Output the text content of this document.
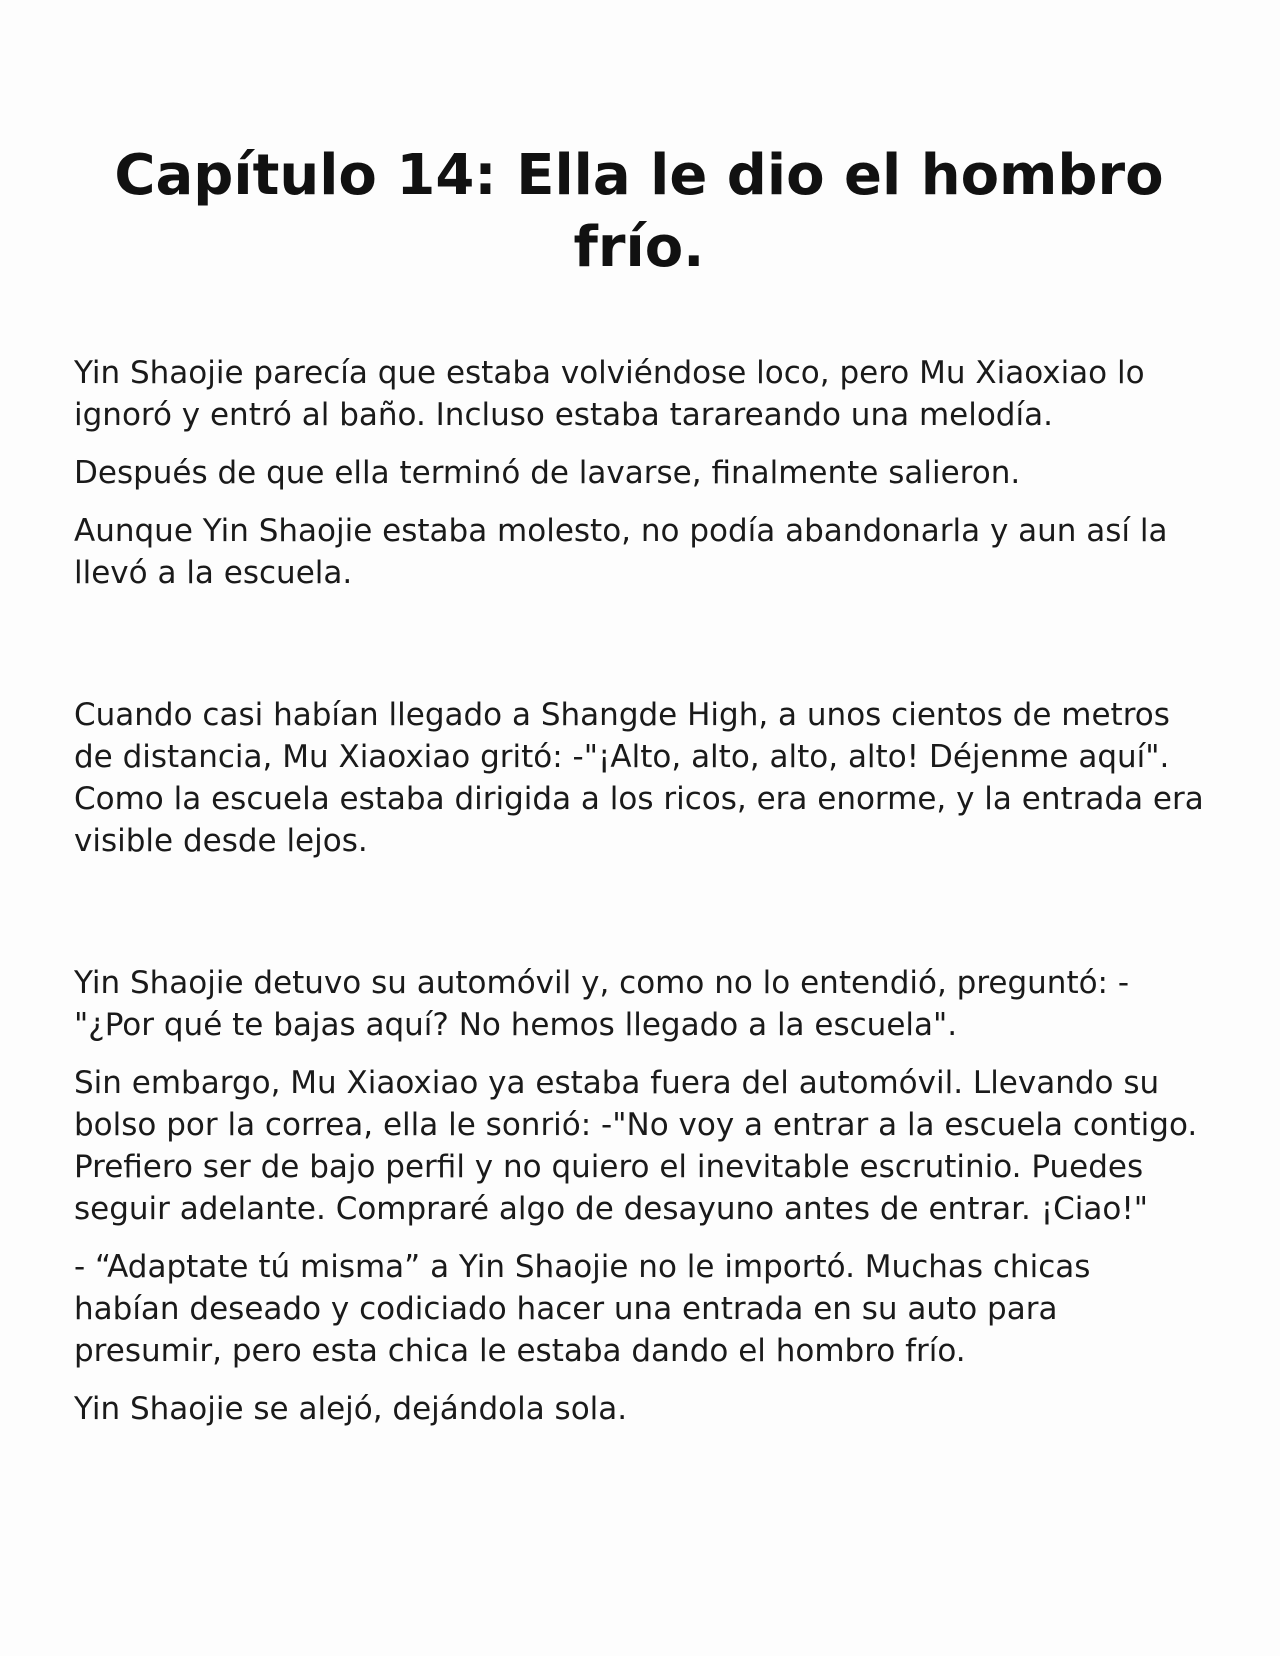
Capítulo 14: Ella le dio el hombro frío.

Yin Shaojie parecía que estaba volviéndose loco, pero Mu Xiaoxiao lo ignoró y entró al baño. Incluso estaba tarareando una melodía.

Después de que ella terminó de lavarse, finalmente salieron.

Aunque Yin Shaojie estaba molesto, no podía abandonarla y aun así la llevó a la escuela.

Cuando casi habían llegado a Shangde High, a unos cientos de metros de distancia, Mu Xiaoxiao gritó: -"¡Alto, alto, alto, alto! Déjenme aquí". Como la escuela estaba dirigida a los ricos, era enorme, y la entrada era visible desde lejos.

Yin Shaojie detuvo su automóvil y, como no lo entendió, preguntó: -"¿Por qué te bajas aquí? No hemos llegado a la escuela".

Sin embargo, Mu Xiaoxiao ya estaba fuera del automóvil. Llevando su bolso por la correa, ella le sonrió: -"No voy a entrar a la escuela contigo. Prefiero ser de bajo perfil y no quiero el inevitable escrutinio. Puedes seguir adelante. Compraré algo de desayuno antes de entrar. ¡Ciao!"

- “Adaptate tú misma” a Yin Shaojie no le importó. Muchas chicas habían deseado y codiciado hacer una entrada en su auto para presumir, pero esta chica le estaba dando el hombro frío.

Yin Shaojie se alejó, dejándola sola.
